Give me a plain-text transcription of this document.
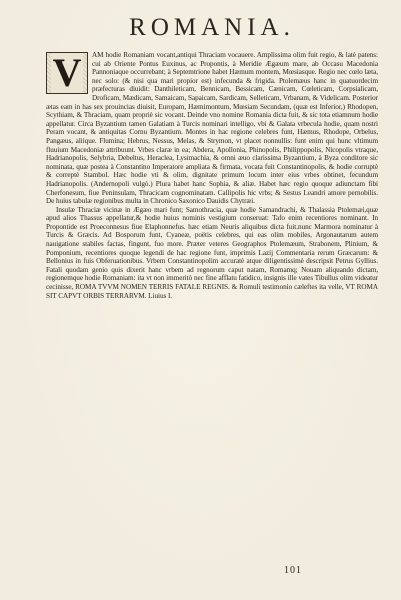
ROMANIA.

V AM hodie Romaniam vocant,antiqui Thraciam vocauere. Amplissima olim fuit regio, & latè patens: cui ab Oriente Pontus Euxinus, ac Propontis, à Meridie Ægæum mare, ab Occasu Macedonia Pannoniaque occurrebant; à Septemtrione habet Hæmum montem, Mœsiasque. Regio nec cœlo læta, nec solo: (& nisi qua mari propior est) infecunda & frigida. Ptolemæus hanc in quatuordecim præfecturas diuidit: Danthileticam, Bennicam, Bessicam, Cænicam, Cœleticam, Corpsialicam, Droficam, Mædicam, Samaicam, Sapaicam, Sardicam, Selleticam, Vrbanam, & Videlicam. Posterior ætas eam in has sex prouincias diuisit, Europam, Hæmimontum, Mœsiam Secundam, (quæ est Inferior,) Rhodopen, Scythiam, & Thraciam, quam propriè sic vocant. Deinde vno nomine Romania dicta fuit, & sic tota etiamnum hodie appellatur. Circa Byzantium tamen Galatiam à Turcis nominari intelligo, vbi & Galata vrbecula hodie, quam nostri Peram vocant, & antiquitas Cornu Byzantium. Montes in hac regione celebres funt, Hæmus, Rhodope, Orbelus, Pangæus, aliique. Flumina; Hebrus, Nessus, Melas, & Strymon, vt placet nonnullis: funt enim qui hunc vltimum fluuium Macedoniæ attribuunt. Vrbes claræ in ea; Abdera, Apollonia, Phinopolis, Philippopolis, Nicopolis vtraque, Hadrianopolis, Selybria, Debeltus, Heraclea, Lysimachia, & omni æuo clarissima Byzantium, à Byza conditore sic nominata, quæ postea à Constantino Imperatore ampliata & firmata, vocata fuit Constantinopolis, & hodie corruptè & correptè Stambol. Hæc hodie vti & olim, dignitate primum locum inter eius vrbes obtinet, fecundum Hadrianopolis. (Andernopoli vulgò.) Plura habet hanc Sophia, & aliæ. Habet hæc regio quoque adiunctam fibi Cherfonesum, fiue Peninsulam, Thracicam cognominatam. Callipolis hic vrbs; & Sestus Leandri amore pernobilis. De huius tabulæ regionibus multa in Chronico Saxonico Dauidis Chytræi.

Insulæ Thraciæ vicinæ in Ægæo mari funt; Samothracia, quæ hodie Samandrachi, & Thalassia Ptolemæi,quæ apud alios Thassus appellatur,& hodie huius nominis vestigium conseruat: Tafo enim recentiores nominant. In Propontide est Proeconnesus fiue Elaphonnefus. hæc etiam Neuris aliquibus dicta fuit.nunc Marmora nominatur à Turcis & Græcis. Ad Bosporum funt, Cyaneæ, poëtis celebres, qui eas olim mobiles, Argonautarum autem nauigatione stabiles factas, fingunt, fuo more. Præter veteres Geographos Ptolemæum, Strabonem, Plinium, & Pomponium, recentiores quoque legendi de hac regione funt, imprimis Lazij Commentaria rerum Græcarum: & Bellonius in fuis Obferuationibus. Vrbem Constantinopolim accuratè atque diligentissimè descripsit Petrus Gyllius. Fatali quodam genio quis dixerit hanc vrbem ad regnorum caput natam, Romamq; Nouam aliquando dictam, regionemque hodie Romaniam: ita vt non immeritò nec fine afflatu fatidico, insignis ille vates Tibullus olim videatur cecinisse, ROMA TVVM NOMEN TERRIS FATALE REGNIS. & Romuli testimonio cæleftes ita velle, VT ROMA SIT CAPVT ORBIS TERRARVM. Liuius I.

101
